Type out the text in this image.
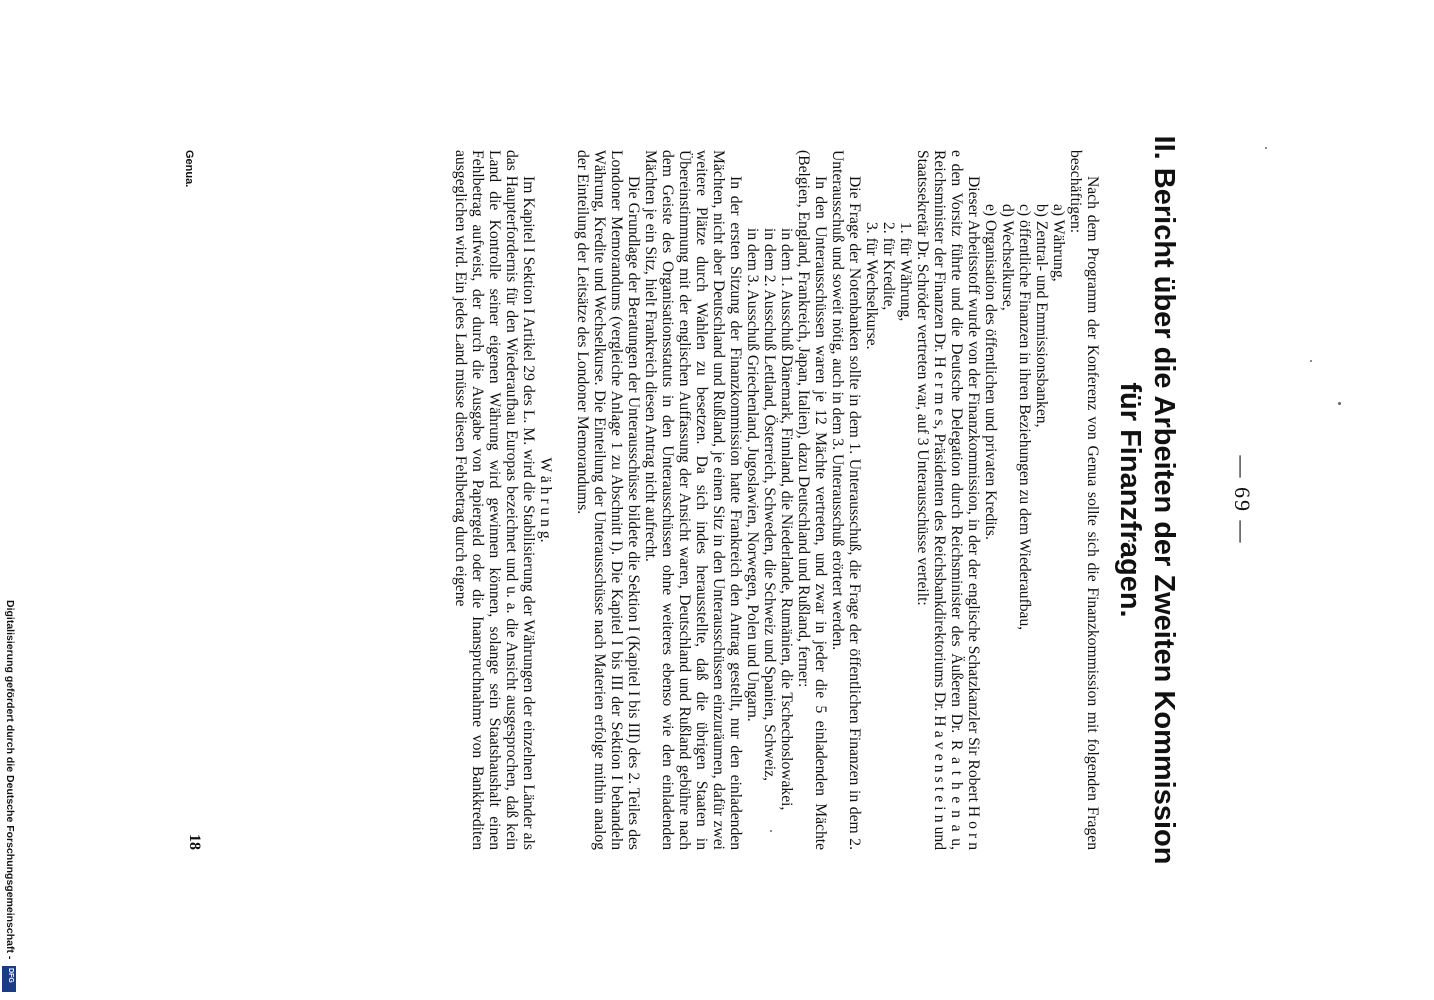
— 69 —
II. Bericht über die Arbeiten der Zweiten Kommission
für Finanzfragen.

Nach dem Programm der Konferenz von Genua sollte sich die Finanzkommission mit folgenden Fragen beschäftigen:

a) Währung,

b) Zentral- und Emmissionsbanken,

c) öffentliche Finanzen in ihren Beziehungen zu dem Wiederaufbau,

d) Wechselkurse,

e) Organisation des öffentlichen und privaten Kredits.

Dieser Arbeitsstoff wurde von der Finanzkommission, in der der englische Schatzkanzler Sir Robert H o r n e den Vorsitz führte und die Deutsche Delegation durch Reichsminister des Äußeren Dr. R a t h e n a u, Reichsminister der Finanzen Dr. H e r m e s, Präsidenten des Reichsbankdirektoriums Dr. H a v e n s t e i n und Staatssekretär Dr. Schröder vertreten war, auf 3 Unterausschüsse verteilt:

1. für Währung,

2. für Kredite,

3. für Wechselkurse.

Die Frage der Notenbanken sollte in dem 1. Unterausschuß, die Frage der öffentlichen Finanzen in dem 2. Unterausschuß und soweit nötig, auch in dem 3. Unterausschuß erörtert werden.

In den Unterausschüssen waren je 12 Mächte vertreten, und zwar in jeder die 5 einladenden Mächte (Belgien, England, Frankreich, Japan, Italien), dazu Deutschland und Rußland, ferner:

in dem 1. Ausschuß Dänemark, Finnland, die Niederlande, Rumänien, die Tschechoslowakei,

in dem 2. Ausschuß Lettland, Österreich, Schweden, die Schweiz und Spanien, Schweiz,

in dem 3. Ausschuß Griechenland, Jugoslawien, Norwegen, Polen und Ungarn.

In der ersten Sitzung der Finanzkommission hatte Frankreich den Antrag gestellt, nur den einladenden Mächten, nicht aber Deutschland und Rußland, je einen Sitz in den Unterausschüssen einzuräumen, dafür zwei weitere Plätze durch Wahlen zu besetzen. Da sich indes herausstellte, daß die übrigen Staaten in Übereinstimmung mit der englischen Auffassung der Ansicht waren, Deutschland und Rußland gebühre nach dem Geiste des Organisationsstatuts in den Unterausschüssen ohne weiteres ebenso wie den einladenden Mächten je ein Sitz, hielt Frankreich diesen Antrag nicht aufrecht.

Die Grundlage der Beratungen der Unterausschüsse bildete die Sektion I (Kapitel I bis III) des 2. Teiles des Londoner Memorandums (vergleiche Anlage 1 zu Abschnitt I). Die Kapitel I bis III der Sektion I behandeln Währung, Kredite und Wechselkurse. Die Einteilung der Unterausschüsse nach Materien erfolge mithin analog der Einteilung der Leitsätze des Londoner Memorandums.

W ä h r u n g.

Im Kapitel I Sektion I Artikel 29 des L. M. wird die Stabilisierung der Währungen der einzelnen Länder als das Haupterfordernis für den Wiederaufbau Europas bezeichnet und u. a. die Ansicht ausgesprochen, daß kein Land die Kontrolle seiner eigenen Währung wird gewinnen können, solange sein Staatshaushalt einen Fehlbetrag aufweist, der durch die Ausgabe von Papiergeld oder die Inanspruchnahme von Bankkrediten ausgeglichen wird. Ein jedes Land müsse diesen Fehlbetrag durch eigene

Genua.
18
Digitalisierung gefördert durch die Deutsche Forschungsgemeinschaft -
DFG
